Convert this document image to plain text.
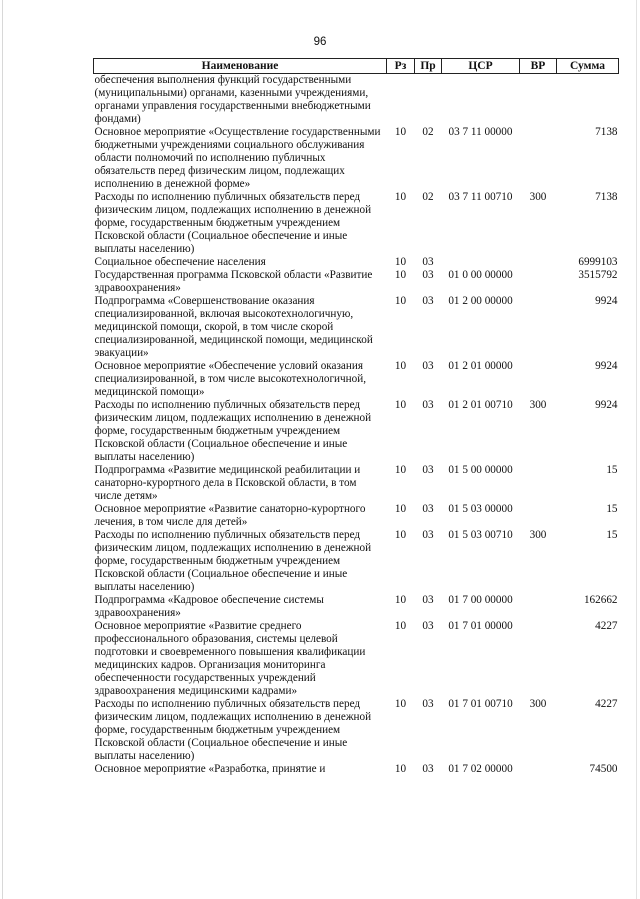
96
Наименование	Рз	Пр	ЦСР	ВР	Сумма
обеспечения выполнения функций государственными (муниципальными) органами, казенными учреждениями, органами управления государственными внебюджетными фондами)					
Основное мероприятие «Осуществление государственными бюджетными учреждениями социального обслуживания области полномочий по исполнению публичных обязательств перед физическим лицом, подлежащих исполнению в денежной форме»	10	02	03 7 11 00000		7138
Расходы по исполнению публичных обязательств перед физическим лицом, подлежащих исполнению в денежной форме, государственным бюджетным учреждением Псковской области (Социальное обеспечение и иные выплаты населению)	10	02	03 7 11 00710	300	7138
Социальное обеспечение населения	10	03			6999103
Государственная программа Псковской области «Развитие здравоохранения»	10	03	01 0 00 00000		3515792
Подпрограмма «Совершенствование оказания специализированной, включая высокотехнологичную, медицинской помощи, скорой, в том числе скорой специализированной, медицинской помощи, медицинской эвакуации»	10	03	01 2 00 00000		9924
Основное мероприятие «Обеспечение условий оказания специализированной, в том числе высокотехнологичной, медицинской помощи»	10	03	01 2 01 00000		9924
Расходы по исполнению публичных обязательств перед физическим лицом, подлежащих исполнению в денежной форме, государственным бюджетным учреждением Псковской области (Социальное обеспечение и иные выплаты населению)	10	03	01 2 01 00710	300	9924
Подпрограмма «Развитие медицинской реабилитации и санаторно-курортного дела в Псковской области, в том числе детям»	10	03	01 5 00 00000		15
Основное мероприятие «Развитие санаторно-курортного лечения, в том числе для детей»	10	03	01 5 03 00000		15
Расходы по исполнению публичных обязательств перед физическим лицом, подлежащих исполнению в денежной форме, государственным бюджетным учреждением Псковской области (Социальное обеспечение и иные выплаты населению)	10	03	01 5 03 00710	300	15
Подпрограмма «Кадровое обеспечение системы здравоохранения»	10	03	01 7 00 00000		162662
Основное мероприятие «Развитие среднего профессионального образования, системы целевой подготовки и своевременного повышения квалификации медицинских кадров. Организация мониторинга обеспеченности государственных учреждений здравоохранения медицинскими кадрами»	10	03	01 7 01 00000		4227
Расходы по исполнению публичных обязательств перед физическим лицом, подлежащих исполнению в денежной форме, государственным бюджетным учреждением Псковской области (Социальное обеспечение и иные выплаты населению)	10	03	01 7 01 00710	300	4227
Основное мероприятие «Разработка, принятие и	10	03	01 7 02 00000		74500
